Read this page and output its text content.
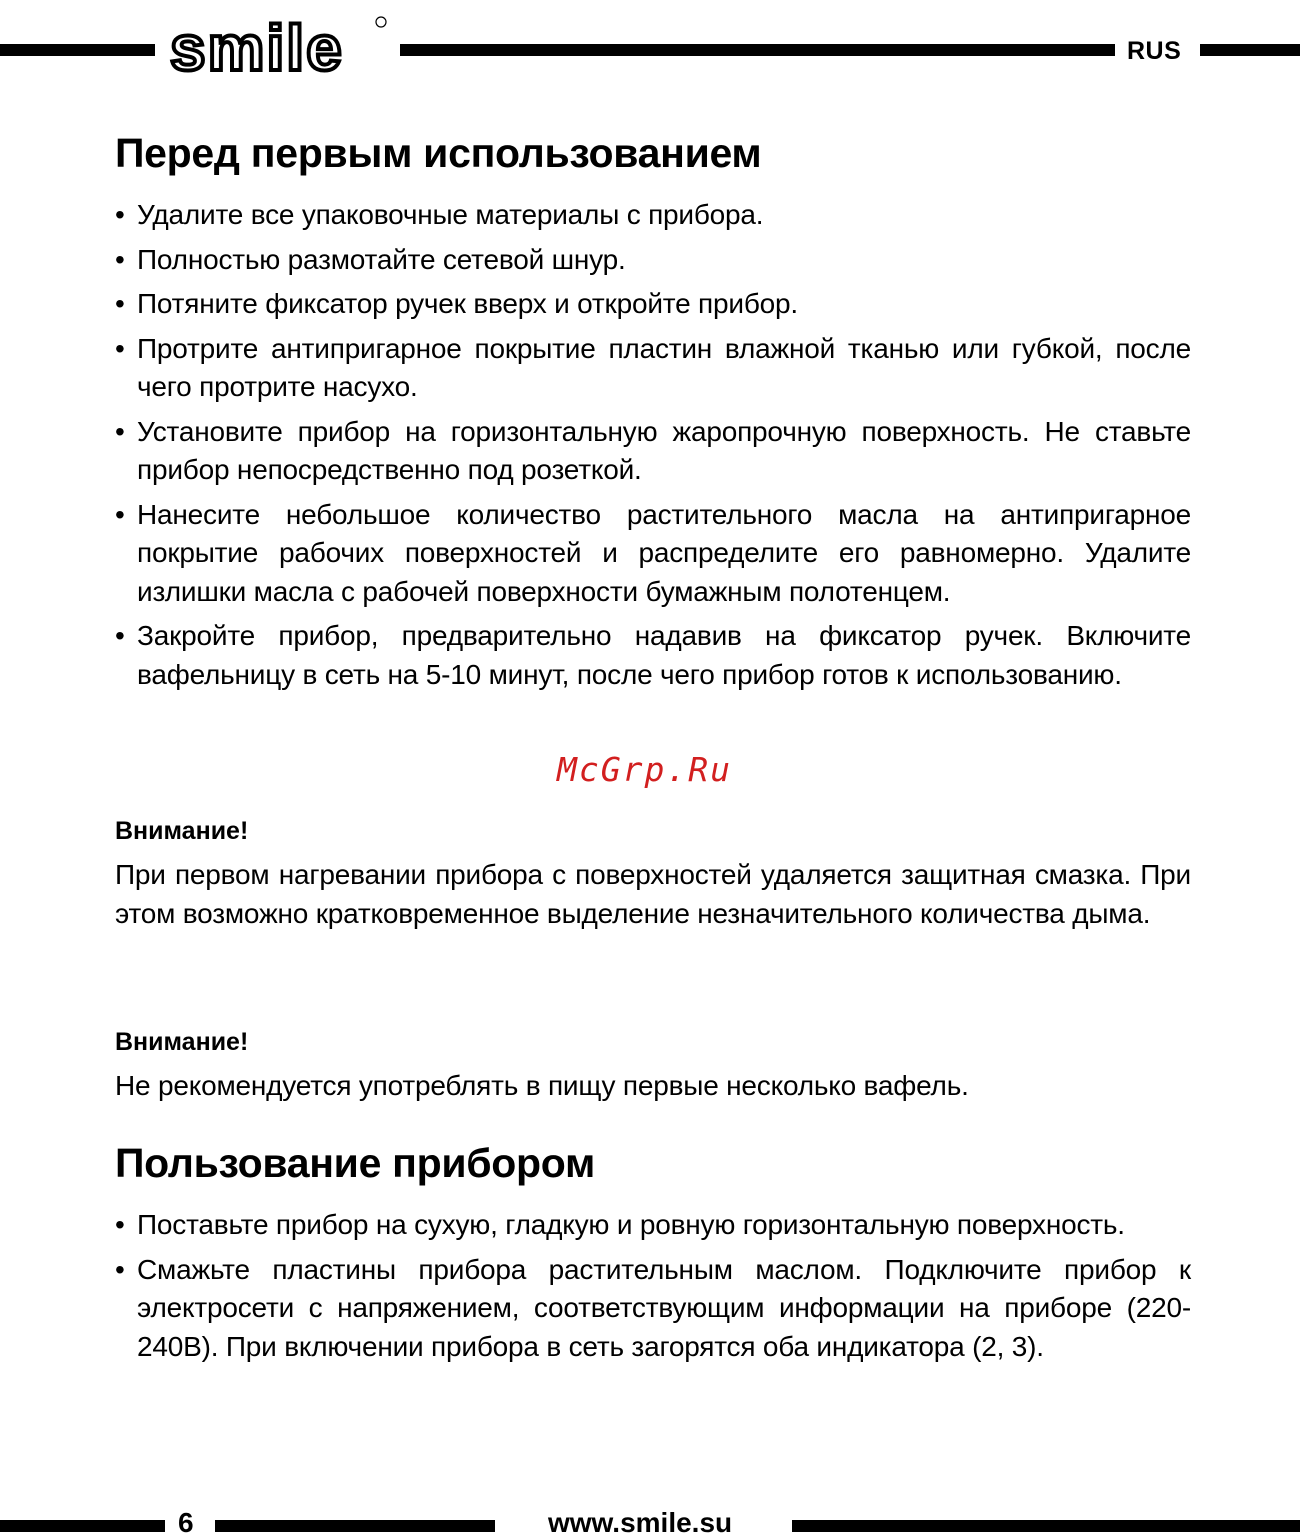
smile	RUS
Перед первым использованием
• Удалите все упаковочные материалы с прибора.
• Полностью размотайте сетевой шнур.
• Потяните фиксатор ручек вверх и откройте прибор.
• Протрите антипригарное покрытие пластин влажной тканью или губкой, после чего протрите насухо.
• Установите прибор на горизонтальную жаропрочную поверхность. Не ставьте прибор непосредственно под розеткой.
• Нанесите небольшое количество растительного масла на антипригарное покрытие рабочих поверхностей и распределите его равномерно. Удалите излишки масла с рабочей поверхности бумажным полотенцем.
• Закройте прибор, предварительно надавив на фиксатор ручек. Включите вафельницу в сеть на 5-10 минут, после чего прибор готов к использованию.
McGrp.Ru

Внимание!

При первом нагревании прибора с поверхностей удаляется защитная смазка. При этом возможно кратковременное выделение незначительного количества дыма.

Внимание!

Не рекомендуется употреблять в пищу первые несколько вафель.

Пользование прибором
• Поставьте прибор на сухую, гладкую и ровную горизонтальную поверхность.
• Смажьте пластины прибора растительным маслом. Подключите прибор к электросети с напряжением, соответствующим информации на приборе (220-240В). При включении прибора в сеть загорятся оба индикатора (2, 3).
6	www.smile.su
